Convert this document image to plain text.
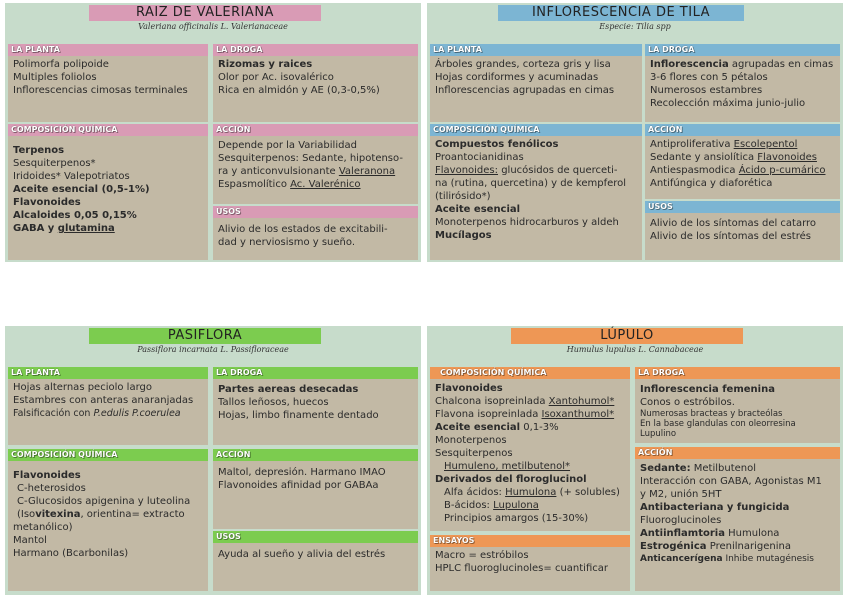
RAIZ DE VALERIANA
Valeriana officinalis L. Valerianaceae
LA PLANTA
Polimorfa polipoide
Multiples foliolos
Inflorescencias cimosas terminales
LA DROGA
Rizomas y raices
Olor por Ac. isovalérico
Rica en almidón y AE (0,3-0,5%)
COMPOSICIÓN QUÍMICA
Terpenos
Sesquiterpenos*
Iridoides* Valepotriatos
Aceite esencial (0,5-1%)
Flavonoides
Alcaloides 0,05 0,15%
GABA y glutamina
ACCIÓN
Depende por la Variabilidad
Sesquiterpenos: Sedante, hipotenso-
ra y anticonvulsionante Valeranona
Espasmolítico Ac. Valerénico
USOS
Alivio de los estados de excitabili-
dad y nerviosismo y sueño.
INFLORESCENCIA DE TILA
Especie: Tilia spp
LA PLANTA
Árboles grandes, corteza gris y lisa
Hojas cordiformes y acuminadas
Inflorescencias agrupadas en cimas
LA DROGA
Inflorescencia agrupadas en cimas
3-6 flores con 5 pétalos
Numerosos estambres
Recolección máxima junio-julio
COMPOSICIÓN QUÍMICA
Compuestos fenólicos
Proantocianidinas
Flavonoides: glucósidos de querceti-
na (rutina, quercetina) y de kempferol
(tilirósido*)
Aceite esencial
Monoterpenos hidrocarburos y aldeh
Mucílagos
ACCIÓN
Antiproliferativa Escolepentol
Sedante y ansiolítica Flavonoides
Antiespasmodica Ácido p-cumárico
Antifúngica y diaforética
USOS
Alivio de los síntomas del catarro
Alivio de los síntomas del estrés
PASIFLORA
Passiflora incarnata L. Passifloraceae
LA PLANTA
Hojas alternas peciolo largo
Estambres con anteras anaranjadas
Falsificación con P.edulis P.coerulea
LA DROGA
Partes aereas desecadas
Tallos leñosos, huecos
Hojas, limbo finamente dentado
COMPOSICIÓN QUÍMICA
Flavonoides
C-heterosidos
C-Glucosidos apigenina y luteolina
(Isovitexina, orientina= extracto
metanólico)
Mantol
Harmano (Bcarbonilas)
ACCIÓN
Maltol, depresión. Harmano IMAO
Flavonoides afinidad por GABAa
USOS
Ayuda al sueño y alivia del estrés
LÚPULO
Humulus lupulus L. Cannabaceae
COMPOSICIÓN QUÍMICA
Flavonoides
Chalcona isopreinlada Xantohumol*
Flavona isopreinlada Isoxanthumol*
Aceite esencial 0,1-3%
Monoterpenos
Sesquiterpenos
Humuleno, metilbutenol*
Derivados del floroglucinol
Alfa ácidos: Humulona (+ solubles)
B-ácidos: Lupulona
Principios amargos (15-30%)
ENSAYOS
Macro = estróbilos
HPLC fluoroglucinoles= cuantificar
LA DROGA
Inflorescencia femenina
Conos o estróbilos.
Numerosas bracteas y bracteólas
En la base glandulas con oleorresina
Lupulino
ACCIÓN
Sedante: Metilbutenol
Interacción con GABA, Agonistas M1
y M2, unión 5HT
Antibacteriana y fungicida
Fluoroglucinoles
Antiinflamtoria Humulona
Estrogénica Prenilnarigenina
Anticancerígena Inhibe mutagénesis
